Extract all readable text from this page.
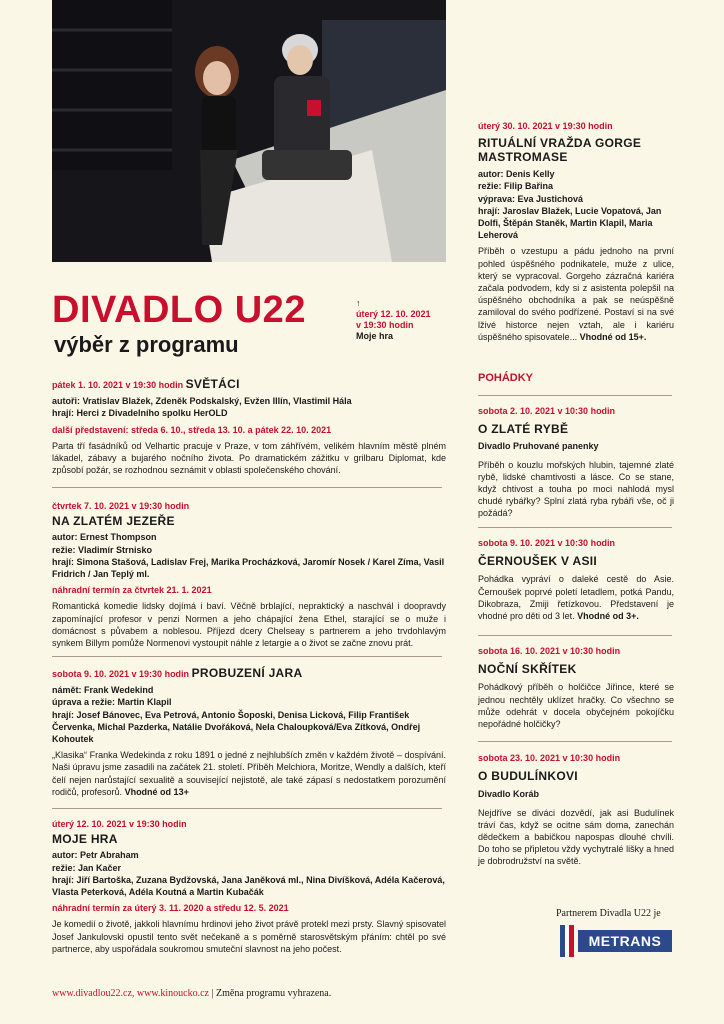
DIVADLO U22
výběr z programu
↑
úterý 12. 10. 2021
v 19:30 hodin
Moje hra
pátek 1. 10. 2021 v 19:30 hodin SVĚTÁCI
autoři: Vratislav Blažek, Zdeněk Podskalský, Evžen Illín, Vlastimil Hála
hrají: Herci z Divadelního spolku HerOLD
další představení: středa 6. 10., středa 13. 10. a pátek 22. 10. 2021

Parta tří fasádníků od Velhartic pracuje v Praze, v tom záhřívém, velikém hlavním městě plném lákadel, zábavy a bujarého nočního života. Po dramatickém zážitku v grilbaru Diplomat, kde způsobí požár, se rozhodnou seznámit v oblasti společenského chování.

čtvrtek 7. 10. 2021 v 19:30 hodin
NA ZLATÉM JEZEŘE
autor: Ernest Thompson
režie: Vladimír Strnisko
hrají: Simona Stašová, Ladislav Frej, Marika Procházková, Jaromír Nosek / Karel Zíma, Vasil Fridrich / Jan Teplý ml.
náhradní termín za čtvrtek 21. 1. 2021

Romantická komedie lidsky dojímá i baví. Věčně brblající, nepraktický a naschvál i doopravdy zapomínající profesor v penzi Normen a jeho chápající žena Ethel, starající se o muže i domácnost s půvabem a noblesou. Příjezd dcery Chelseay s partnerem a jeho trvdohlavým synkem Billym pomůže Normenovi vystoupit náhle z letargie a o život se začne znovu prát.

sobota 9. 10. 2021 v 19:30 hodin PROBUZENÍ JARA
námět: Frank Wedekind
úprava a režie: Martin Klapil
hrají: Josef Bánovec, Eva Petrová, Antonio Šoposki, Denisa Licková, Filip František Červenka, Michal Pazderka, Natálie Dvořáková, Nela Chaloupková/Eva Zítková, Ondřej Kohoutek

„Klasika“ Franka Wedekinda z roku 1891 o jedné z nejhlubších změn v každém životě – dospívání. Naši úpravu jsme zasadili na začátek 21. století. Příběh Melchiora, Moritze, Wendly a dalších, kteří čelí nejen narůstající sexualitě a související nejistotě, ale také zápasí s nedostatkem porozumění rodičů, profesorů. Vhodné od 13+

úterý 12. 10. 2021 v 19:30 hodin
MOJE HRA
autor: Petr Abraham
režie: Jan Kačer
hrají: Jiří Bartoška, Zuzana Bydžovská, Jana Janěková ml., Nina Divíšková, Adéla Kačerová, Vlasta Peterková, Adéla Koutná a Martin Kubačák
náhradní termín za úterý 3. 11. 2020 a středu 12. 5. 2021

Je komedií o životě, jakkoli hlavnímu hrdinovi jeho život právě protekl mezi prsty. Slavný spisovatel Josef Jankulovski opustil tento svět nečekaně a s poměrně starosvětským přáním: chtěl po své partnerce, aby uspořádala soukromou smuteční slavnost na jeho počest.

úterý 30. 10. 2021 v 19:30 hodin
RITUÁLNÍ VRAŽDA GORGE MASTROMASE
autor: Denis Kelly
režie: Filip Bařina
výprava: Eva Justichová
hrají: Jaroslav Blažek, Lucie Vopatová, Jan Dolfi, Štěpán Staněk, Martin Klapil, Maria Leherová

Příběh o vzestupu a pádu jednoho na první pohled úspěšného podnikatele, muže z ulice, který se vypracoval. Gorgeho zázračná kariéra začala podvodem, kdy si z asistenta polepšil na úspěšného obchodníka a pak se neúspěšně zamiloval do svého podřízené. Postaví si na své lživé historce nejen vztah, ale i kariéru úspěšného spisovatele... Vhodné od 15+.

POHÁDKY
sobota 2. 10. 2021 v 10:30 hodin
O ZLATÉ RYBĚ
Divadlo Pruhované panenky

Příběh o kouzlu mořských hlubin, tajemné zlaté rybě, lidské chamtivosti a lásce. Co se stane, když chtivost a touha po moci nahlodá mysl chudé rybářky? Splní zlatá ryba rybáři vše, oč ji požádá?

sobota 9. 10. 2021 v 10:30 hodin
ČERNOUŠEK V ASII

Pohádka vypráví o daleké cestě do Asie. Černoušek poprvé poletí letadlem, potká Pandu, Dikobraza, Zmiji řetízkovou. Představení je vhodné pro děti od 3 let. Vhodné od 3+.

sobota 16. 10. 2021 v 10:30 hodin
NOČNÍ SKŘÍTEK

Pohádkový příběh o holčičce Jiřince, které se jednou nechtěly uklízet hračky. Co všechno se může odehrát v docela obyčejném pokojíčku nepořádné holčičky?

sobota 23. 10. 2021 v 10:30 hodin
O BUDULÍNKOVI
Divadlo Koráb

Nejdříve se diváci dozvědí, jak asi Budulínek tráví čas, když se ocitne sám doma, zanechán dědečkem a babičkou napospas dlouhé chvíli. Do toho se připletou vždy vychytralé lišky a hned je dobrodružství na světě.

Partnerem Divadla U22 je
METRANS
www.divadlou22.cz, www.kinoucko.cz | Změna programu vyhrazena.
